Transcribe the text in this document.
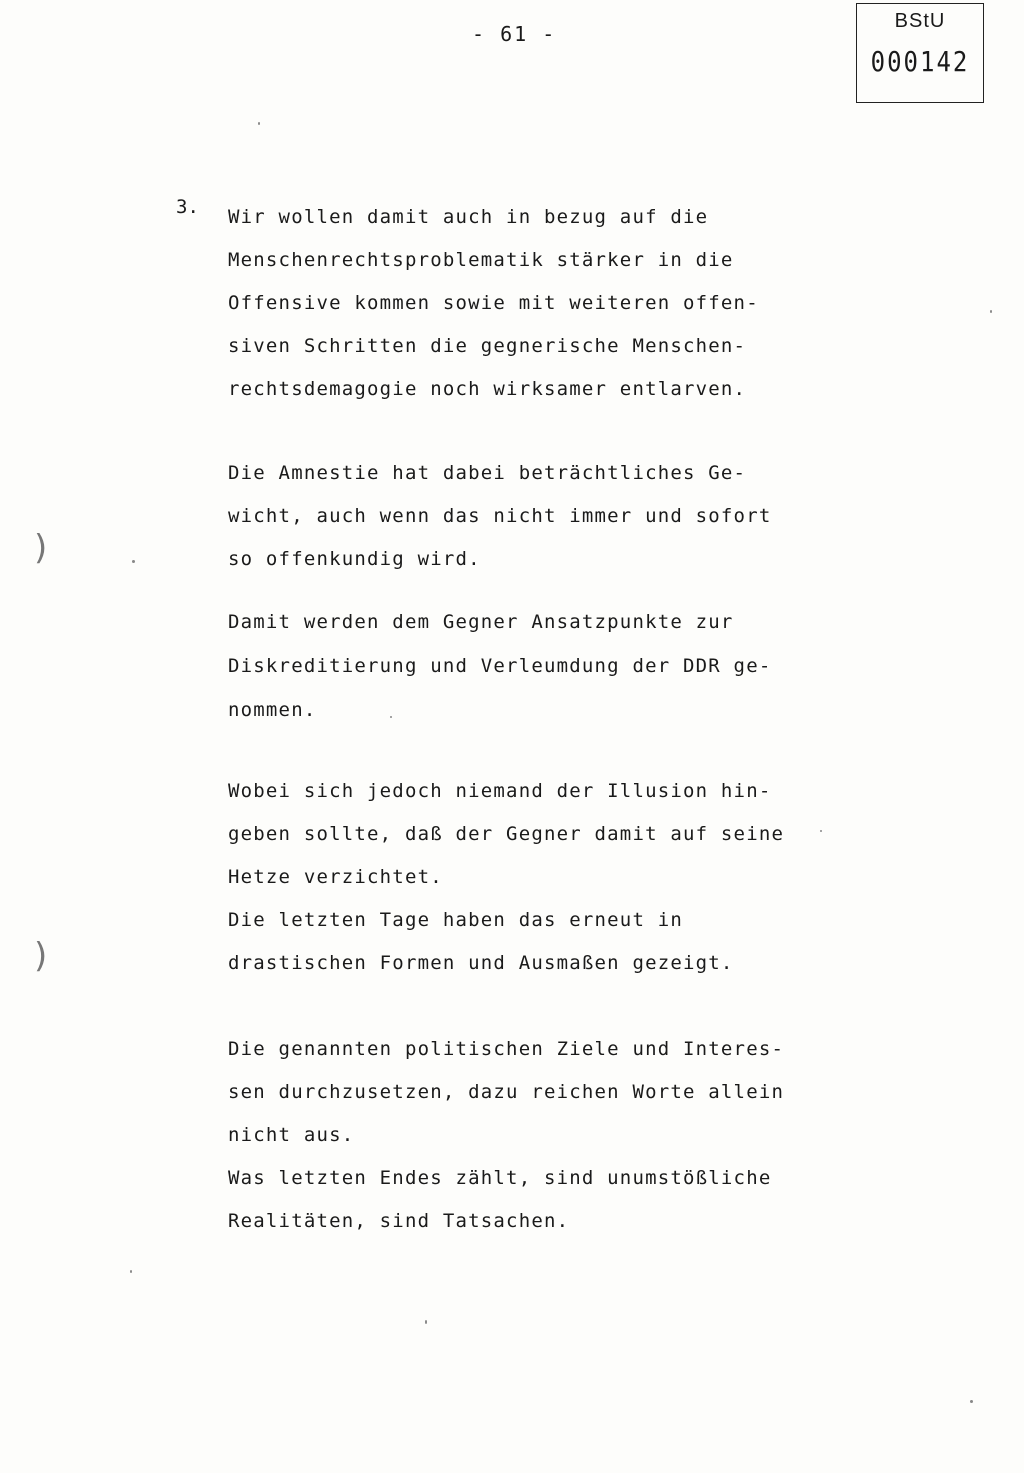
- 61 -
BStU
000142
3. Wir wollen damit auch in bezug auf die
Menschenrechtsproblematik stärker in die
Offensive kommen sowie mit weiteren offen-
siven Schritten die gegnerische Menschen-
rechtsdemagogie noch wirksamer entlarven.

Die Amnestie hat dabei beträchtliches Ge-
wicht, auch wenn das nicht immer und sofort
so offenkundig wird.

Damit werden dem Gegner Ansatzpunkte zur
Diskreditierung und Verleumdung der DDR ge-
nommen.

Wobei sich jedoch niemand der Illusion hin-
geben sollte, daß der Gegner damit auf seine
Hetze verzichtet.
Die letzten Tage haben das erneut in
drastischen Formen und Ausmaßen gezeigt.

Die genannten politischen Ziele und Interes-
sen durchzusetzen, dazu reichen Worte allein
nicht aus.
Was letzten Endes zählt, sind unumstößliche
Realitäten, sind Tatsachen.

)
)
